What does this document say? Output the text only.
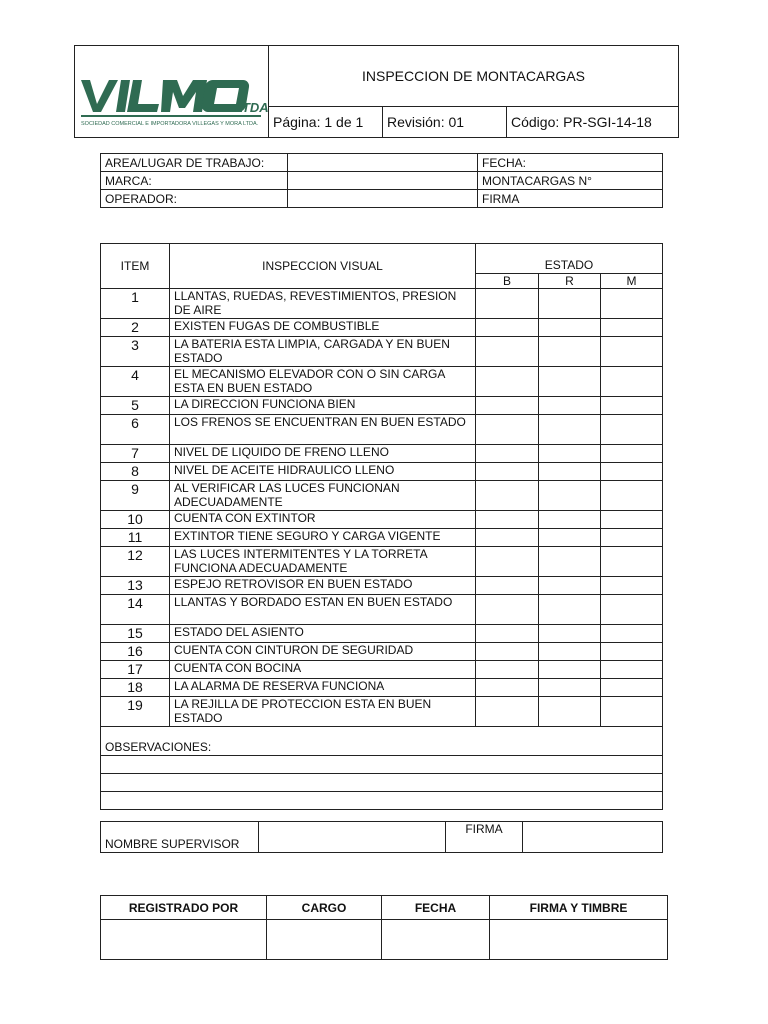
LTDA.
SOCIEDAD COMERCIAL E IMPORTADORA VILLEGAS Y MORA LTDA.	INSPECCION DE MONTACARGAS		
	Página: 1 de 1	Revisión: 01	Código: PR-SGI-14-18
AREA/LUGAR DE TRABAJO:		FECHA:
MARCA:		MONTACARGAS N°
OPERADOR:		FIRMA
ITEM	INSPECCION VISUAL	ESTADO		
		B	R	M
1	LLANTAS, RUEDAS, REVESTIMIENTOS, PRESION DE AIRE			
2	EXISTEN FUGAS DE COMBUSTIBLE			
3	LA BATERIA ESTA LIMPIA, CARGADA Y EN BUEN ESTADO			
4	EL MECANISMO ELEVADOR CON O SIN CARGA ESTA EN BUEN ESTADO			
5	LA DIRECCION FUNCIONA BIEN			
6	LOS FRENOS SE ENCUENTRAN EN BUEN ESTADO			
7	NIVEL DE LIQUIDO DE FRENO LLENO			
8	NIVEL DE ACEITE HIDRAULICO LLENO			
9	AL VERIFICAR LAS LUCES FUNCIONAN ADECUADAMENTE			
10	CUENTA CON EXTINTOR			
11	EXTINTOR TIENE SEGURO Y CARGA VIGENTE			
12	LAS LUCES INTERMITENTES Y LA TORRETA FUNCIONA ADECUADAMENTE			
13	ESPEJO RETROVISOR EN BUEN ESTADO			
14	LLANTAS Y BORDADO ESTAN EN BUEN ESTADO			
15	ESTADO DEL ASIENTO			
16	CUENTA CON CINTURON DE SEGURIDAD			
17	CUENTA CON BOCINA			
18	LA ALARMA DE RESERVA FUNCIONA			
19	LA REJILLA DE PROTECCION ESTA EN BUEN ESTADO			
OBSERVACIONES:				

NOMBRE SUPERVISOR		FIRMA	
REGISTRADO POR	CARGO	FECHA	FIRMA Y TIMBRE
